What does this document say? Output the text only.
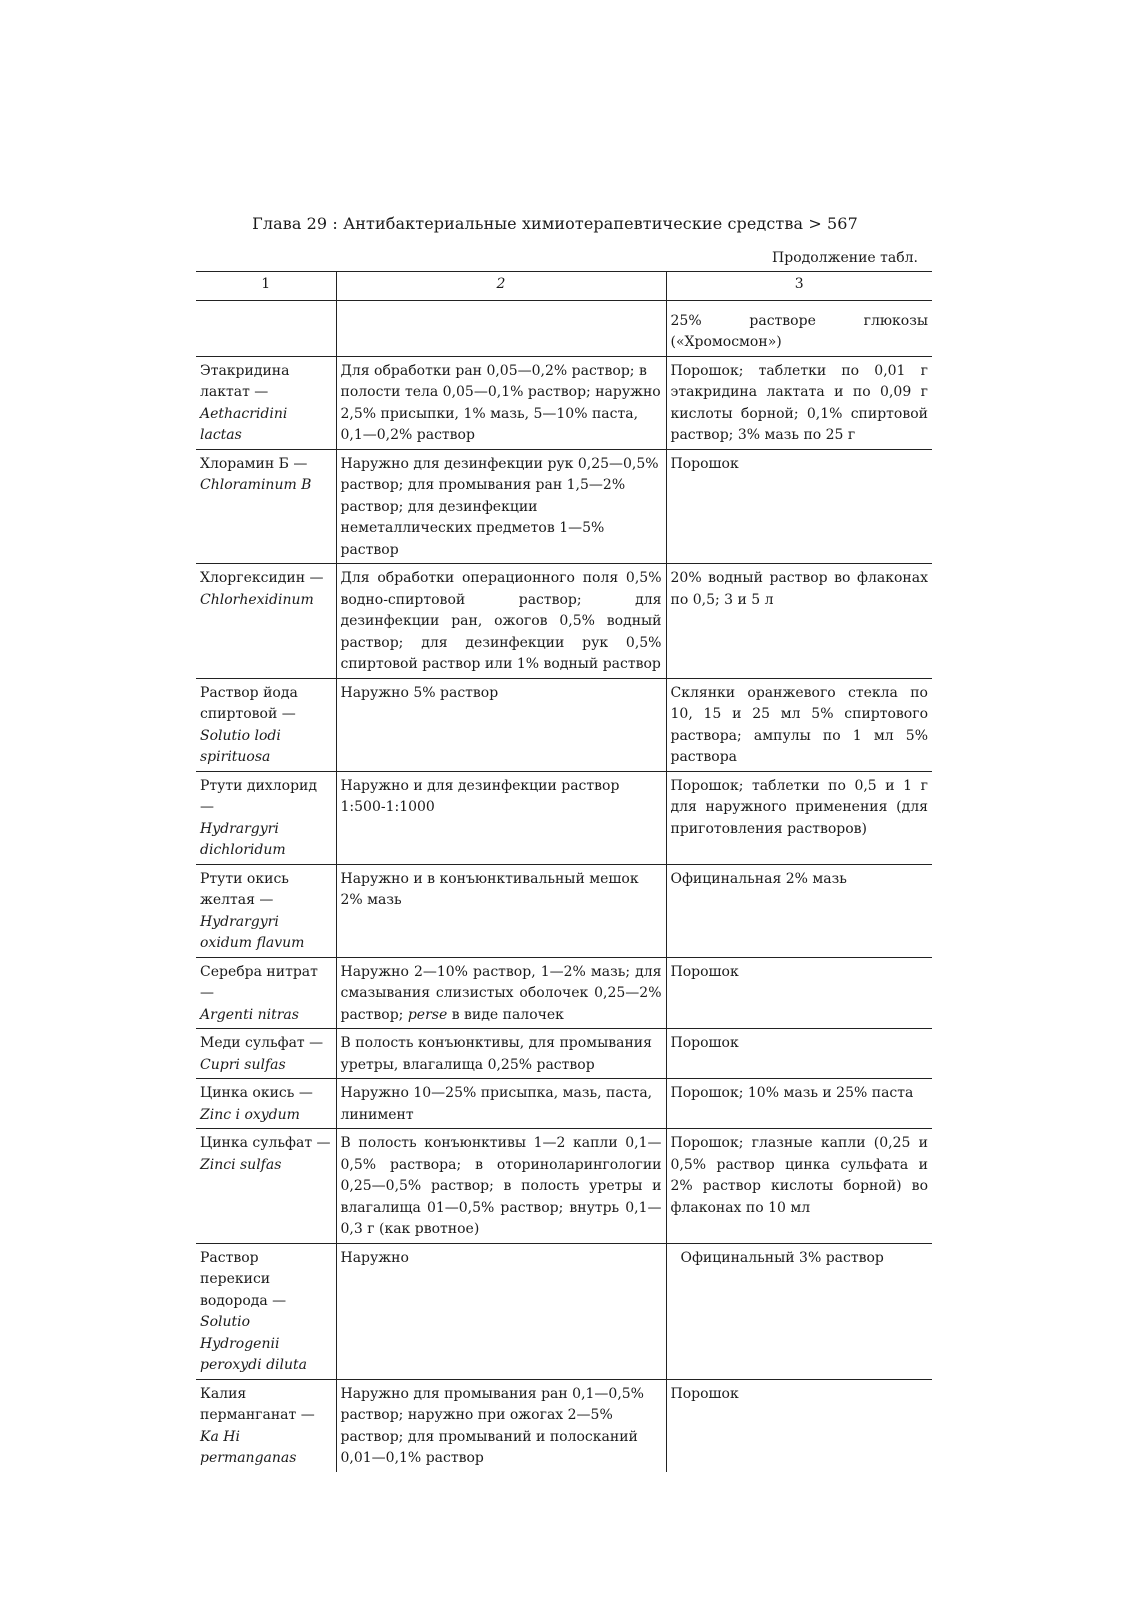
Глава 29 : Антибактериальные химиотерапевтические средства > 567
Продолжение табл.
1	2	3
		25% растворе глюкозы («Хромосмон»)
Этакридина лактат —
Aethacridini lactas	Для обработки ран 0,05—0,2% раствор; в полости тела 0,05—0,1% раствор; наружно 2,5% присыпки, 1% мазь, 5—10% паста, 0,1—0,2% раствор	Порошок; таблетки по 0,01 г этакридина лактата и по 0,09 г кислоты борной; 0,1% спиртовой раствор; 3% мазь по 25 г
Хлорамин Б —
Chloraminum B	Наружно для дезинфекции рук 0,25—0,5% раствор; для промывания ран 1,5—2% раствор; для дезинфекции неметаллических предметов 1—5% раствор	Порошок
Хлоргексидин —
Chlorhexidinum	Для обработки операционного поля 0,5% водно-спиртовой раствор; для дезинфекции ран, ожогов 0,5% водный раствор; для дезинфекции рук 0,5% спиртовой раствор или 1% водный раствор	20% водный раствор во флаконах по 0,5; 3 и 5 л
Раствор йода спиртовой —
Solutio lodi spirituosa	Наружно 5% раствор	Склянки оранжевого стекла по 10, 15 и 25 мл 5% спиртового раствора; ампулы по 1 мл 5% раствора
Ртути дихлорид —
Hydrargyri dichloridum	Наружно и для дезинфекции раствор 1:500-1:1000	Порошок; таблетки по 0,5 и 1 г для наружного применения (для приготовления растворов)
Ртути окись желтая —
Hydrargyri oxidum flavum	Наружно и в конъюнктивальный мешок 2% мазь	Официнальная 2% мазь
Серебра нитрат —
Argenti nitras	Наружно 2—10% раствор, 1—2% мазь; для смазывания слизистых оболочек 0,25—2% раствор; perse в виде палочек	Порошок
Меди сульфат —
Cupri sulfas	В полость конъюнктивы, для промывания уретры, влагалища 0,25% раствор	Порошок
Цинка окись —
Zinc i oxydum	Наружно 10—25% присыпка, мазь, паста, линимент	Порошок; 10% мазь и 25% паста
Цинка сульфат —
Zinci sulfas	В полость конъюнктивы 1—2 капли 0,1—0,5% раствора; в оториноларингологии 0,25—0,5% раствор; в полость уретры и влагалища 01—0,5% раствор; внутрь 0,1—0,3 г (как рвотное)	Порошок; глазные капли (0,25 и 0,5% раствор цинка сульфата и 2% раствор кислоты борной) во флаконах по 10 мл
Раствор перекиси водорода —
Solutio Hydrogenii peroxydi diluta	Наружно	Официнальный 3% раствор
Калия перманганат —
Ka Hi permanganas	Наружно для промывания ран 0,1—0,5% раствор; наружно при ожогах 2—5% раствор; для промываний и полосканий 0,01—0,1% раствор	Порошок
